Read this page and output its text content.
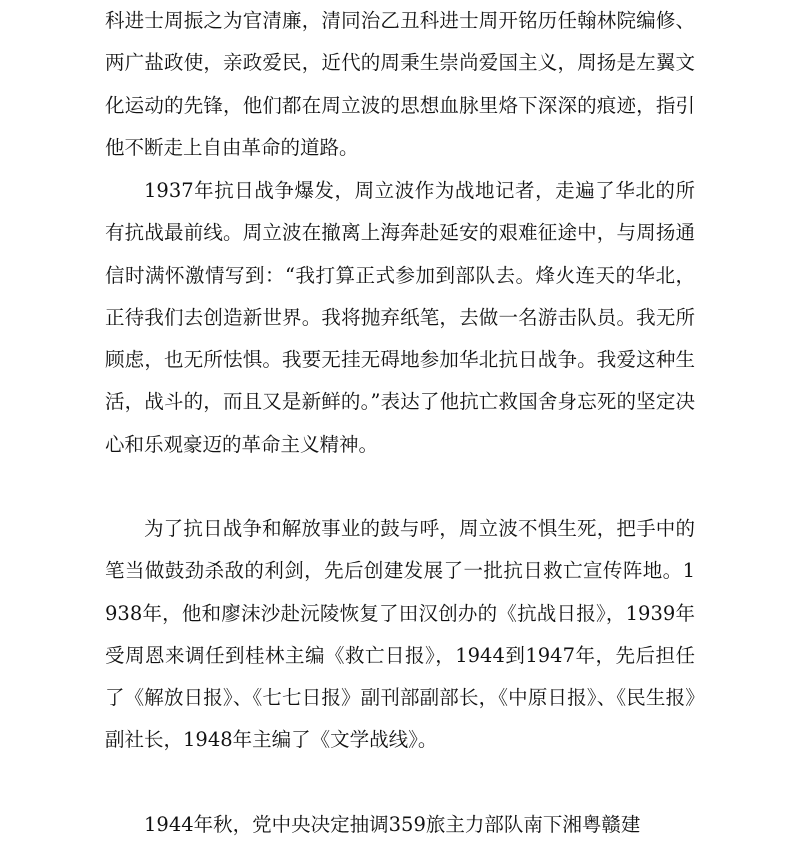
科进士周振之为官清廉，清同治乙丑科进士周开铭历任翰林院编修、两广盐政使，亲政爱民，近代的周秉生崇尚爱国主义，周扬是左翼文化运动的先锋，他们都在周立波的思想血脉里烙下深深的痕迹，指引他不断走上自由革命的道路。

1937年抗日战争爆发，周立波作为战地记者，走遍了华北的所有抗战最前线。周立波在撤离上海奔赴延安的艰难征途中，与周扬通信时满怀激情写到：“我打算正式参加到部队去。烽火连天的华北，正待我们去创造新世界。我将抛弃纸笔，去做一名游击队员。我无所顾虑，也无所怯惧。我要无挂无碍地参加华北抗日战争。我爱这种生活，战斗的，而且又是新鲜的。”表达了他抗亡救国舍身忘死的坚定决心和乐观豪迈的革命主义精神。

为了抗日战争和解放事业的鼓与呼，周立波不惧生死，把手中的笔当做鼓劲杀敌的利剑，先后创建发展了一批抗日救亡宣传阵地。1938年，他和廖沫沙赴沅陵恢复了田汉创办的《抗战日报》，1939年受周恩来调任到桂林主编《救亡日报》，1944到1947年，先后担任了《解放日报》、《七七日报》副刊部副部长，《中原日报》、《民生报》副社长，1948年主编了《文学战线》。

1944年秋，党中央决定抽调359旅主力部队南下湘粤赣建
